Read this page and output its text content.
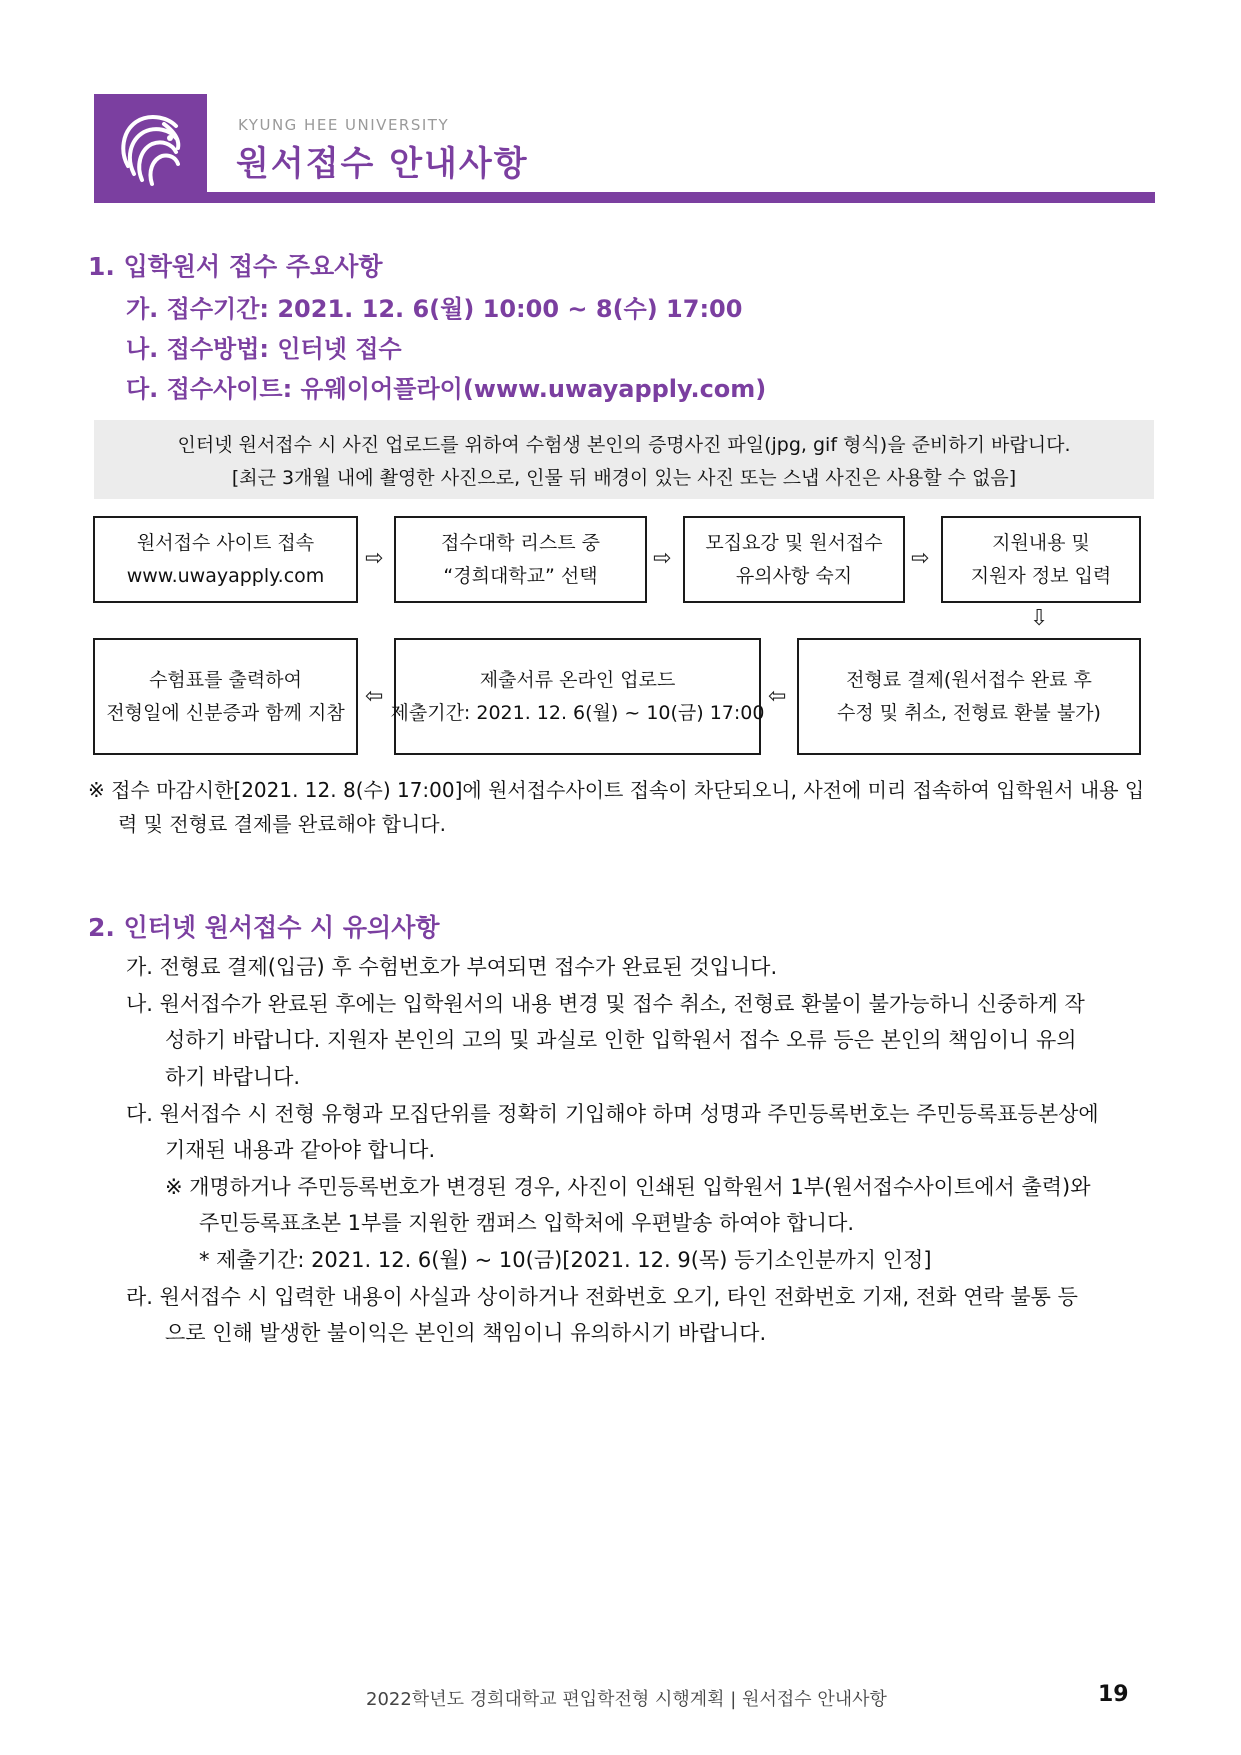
KYUNG HEE UNIVERSITY
원서접수 안내사항
1. 입학원서 접수 주요사항
가. 접수기간: 2021. 12. 6(월) 10:00 ~ 8(수) 17:00
나. 접수방법: 인터넷 접수
다. 접수사이트: 유웨이어플라이(www.uwayapply.com)
인터넷 원서접수 시 사진 업로드를 위하여 수험생 본인의 증명사진 파일(jpg, gif 형식)을 준비하기 바랍니다.
[최근 3개월 내에 촬영한 사진으로, 인물 뒤 배경이 있는 사진 또는 스냅 사진은 사용할 수 없음]
원서접수 사이트 접속
www.uwayapply.com
⇨
접수대학 리스트 중
“경희대학교” 선택
⇨
모집요강 및 원서접수
유의사항 숙지
⇨
지원내용 및
지원자 정보 입력
⇩
수험표를 출력하여
전형일에 신분증과 함께 지참
⇦
제출서류 온라인 업로드
제출기간: 2021. 12. 6(월) ~ 10(금) 17:00
⇦
전형료 결제(원서접수 완료 후
수정 및 취소, 전형료 환불 불가)
※ 접수 마감시한[2021. 12. 8(수) 17:00]에 원서접수사이트 접속이 차단되오니, 사전에 미리 접속하여 입학원서 내용 입
력 및 전형료 결제를 완료해야 합니다.
2. 인터넷 원서접수 시 유의사항
가. 전형료 결제(입금) 후 수험번호가 부여되면 접수가 완료된 것입니다.
나. 원서접수가 완료된 후에는 입학원서의 내용 변경 및 접수 취소, 전형료 환불이 불가능하니 신중하게 작
성하기 바랍니다. 지원자 본인의 고의 및 과실로 인한 입학원서 접수 오류 등은 본인의 책임이니 유의
하기 바랍니다.
다. 원서접수 시 전형 유형과 모집단위를 정확히 기입해야 하며 성명과 주민등록번호는 주민등록표등본상에
기재된 내용과 같아야 합니다.
※ 개명하거나 주민등록번호가 변경된 경우, 사진이 인쇄된 입학원서 1부(원서접수사이트에서 출력)와
주민등록표초본 1부를 지원한 캠퍼스 입학처에 우편발송 하여야 합니다.
* 제출기간: 2021. 12. 6(월) ~ 10(금)[2021. 12. 9(목) 등기소인분까지 인정]
라. 원서접수 시 입력한 내용이 사실과 상이하거나 전화번호 오기, 타인 전화번호 기재, 전화 연락 불통 등
으로 인해 발생한 불이익은 본인의 책임이니 유의하시기 바랍니다.
2022학년도 경희대학교 편입학전형 시행계획 | 원서접수 안내사항	19
